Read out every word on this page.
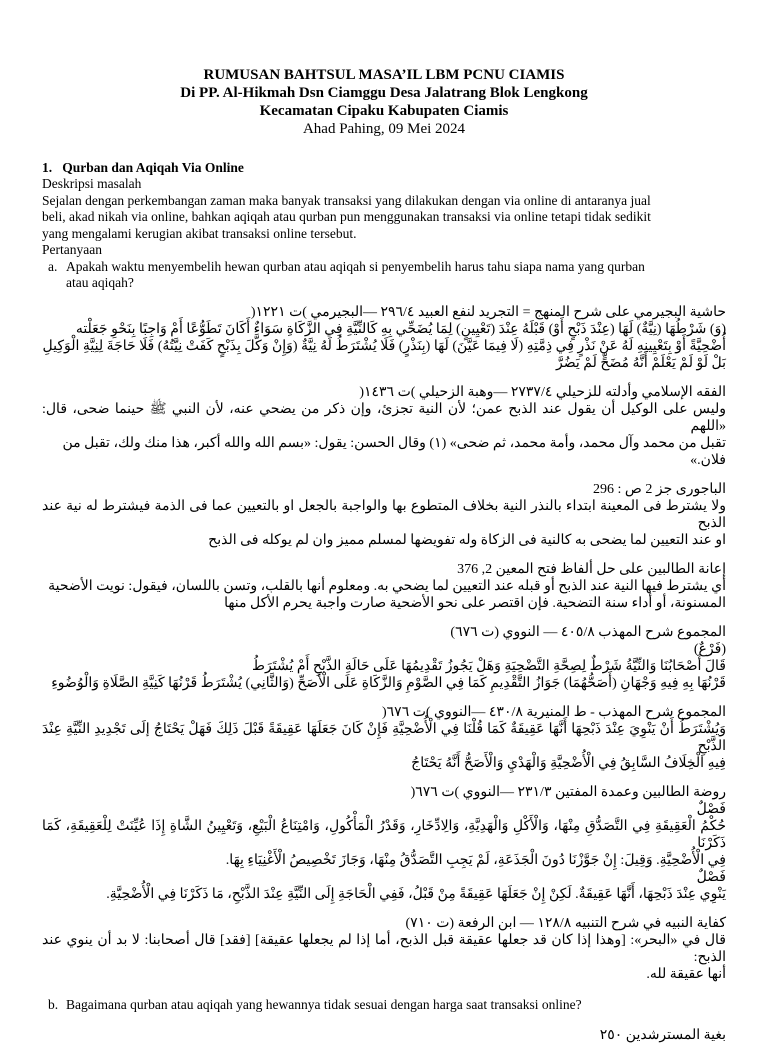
RUMUSAN BAHTSUL MASA’IL LBM PCNU CIAMIS
Di PP. Al-Hikmah Dsn Ciamggu Desa Jalatrang Blok Lengkong
Kecamatan Cipaku Kabupaten Ciamis
Ahad Pahing, 09 Mei 2024
1. Qurban dan Aqiqah Via Online
Deskripsi masalah
Sejalan dengan perkembangan zaman maka banyak transaksi yang dilakukan dengan via online di antaranya jual
beli, akad nikah via online, bahkan aqiqah atau qurban pun menggunakan transaksi via online tetapi tidak sedikit
yang mengalami kerugian akibat transaksi online tersebut.
Pertanyaan
a. Apakah waktu menyembelih hewan qurban atau aqiqah si penyembelih harus tahu siapa nama yang qurban
atau aqiqah?
حاشية البجيرمي على شرح المنهج = التجريد لنفع العبيد ٢٩٦/٤ —البجيرمي )ت ١٢٢١(
(وَ) شَرْطُهَا (نِيَّةٌ) لَهَا (عِنْدَ ذَبْحٍ أَوْ) قَبْلَهُ عِنْدَ (تَعْيِينٍ) لِمَا يُضَحِّي بِهِ كَالنِّيَّةِ فِي الزَّكَاةِ سَوَاءٌ أَكَانَ تَطَوُّعًا أَمْ وَاجِبًا بِنَحْوِ جَعَلْته
أُضْحِيَّةً أَوْ بِتَعْيِينِهِ لَهُ عَنْ نَذْرٍ فِي ذِمَّتِهِ (لَا فِيمَا عَيَّنَ) لَهَا (بِنَذْرٍ) فَلَا يُشْتَرَطُ لَهُ نِيَّةٌ (وَإِنْ وَكَّلَ بِذَبْحٍ كَفَتْ نِيَّتُهُ) فَلَا حَاجَةَ لِنِيَّةِ الْوَكِيلِ
بَلْ لَوْ لَمْ يَعْلَمْ أَنَّهُ مُضَحٍّ لَمْ يَضُرَّ
الفقه الإسلامي وأدلته للزحيلي ٢٧٣٧/٤ —وهبة الزحيلي )ت ١٤٣٦(
وليس على الوكيل أن يقول عند الذبح عمن؛ لأن النية تجزئ، وإن ذكر من يضحي عنه، لأن النبي ﷺ حينما ضحى، قال: «اللهم
تقبل من محمد وآل محمد، وأمة محمد، ثم ضحى» (١) وقال الحسن: يقول: «بسم الله والله أكبر، هذا منك ولك، تقبل من فلان.»
الباجورى جز 2 ص : 296
ولا يشترط فى المعينة ابتداء بالنذر النية بخلاف المتطوع بها والواجبة بالجعل او بالتعيين عما فى الذمة فيشترط له نية عند الذبح
او عند التعيين لما يضحى به كالنية فى الزكاة وله تفويضها لمسلم مميز وان لم يوكله فى الذبح
إعانة الطالبين على حل ألفاظ فتح المعين 2, 376
أي يشترط فيها النية عند الذبح أو قبله عند التعيين لما يضحي به. ومعلوم أنها بالقلب، وتسن باللسان، فيقول: نويت الأضحية
المسنونة، أو أداء سنة التضحية. فإن اقتصر على نحو الأضحية صارت واجبة يحرم الأكل منها
المجموع شرح المهذب ٤٠٥/٨ — النووي (ت ٦٧٦)
(فَرْعٌ)
قَالَ أَصْحَابُنَا وَالنِّيَّةُ شَرْطٌ لِصِحَّةِ التَّضْحِيَةِ وَهَلْ يَجُوزُ تَقْدِيمُهَا عَلَى حَالَةِ الذَّبْحِ أَمْ يُشْتَرَطُ
قَرْنُهَا بِهِ فِيهِ وَجْهَانِ (أَصَحُّهُمَا) جَوَازُ التَّقْدِيمِ كَمَا فِي الصَّوْمِ وَالزَّكَاةِ عَلَى الْأَصَحِّ (وَالثَّانِي) يُشْتَرَطُ قَرْنُهَا كَنِيَّةِ الصَّلَاةِ وَالْوُضُوءِ
المجموع شرح المهذب - ط المنيرية ٤٣٠/٨ —النووي )ت ٦٧٦(
وَيُشْتَرَطُ أَنْ يَنْوِيَ عِنْدَ ذَبْحِهَا أَنَّهَا عَقِيقَةٌ كَمَا قُلْنَا فِي الْأُضْحِيَّةِ فَإِنْ كَانَ جَعَلَهَا عَقِيقَةً قَبْلَ ذَلِكَ فَهَلْ يَحْتَاجُ إلَى تَجْدِيدِ النِّيَّةِ عِنْدَ الذَّبْحِ
فِيهِ الْخِلَافُ السَّابِقُ فِي الْأُضْحِيَّةِ وَالْهَدْيِ وَالْأَصَحُّ أَنَّهُ يَحْتَاجُ
روضة الطالبين وعمدة المفتين ٢٣١/٣ —النووي )ت ٦٧٦(
فَصْلٌ
حُكْمُ الْعَقِيقَةِ فِي التَّصَدُّقِ مِنْهَا، وَالْأَكْلِ وَالْهَدِيَّةِ، وَالِادِّخَارِ، وَقَدْرُ الْمَأْكُولِ، وَامْتِنَاعُ الْبَيْعِ، وَتَعْيِينُ الشَّاةِ إِذَا عُيِّنَتْ لِلْعَقِيقَةِ، كَمَا ذَكَرْنَا
فِي الْأُضْحِيَّةِ. وَقِيلَ: إِنْ جَوَّزْنَا دُونَ الْجَذَعَةِ، لَمْ يَجِبِ التَّصَدُّقُ مِنْهَا، وَجَازَ تَخْصِيصُ الْأَغْنِيَاءِ بِهَا.
فَصْلٌ
يَنْوِي عِنْدَ ذَبْحِهَا، أَنَّهَا عَقِيقَةٌ. لَكِنْ إِنْ جَعَلَهَا عَقِيقَةً مِنْ قَبْلُ، فَفِي الْحَاجَةِ إِلَى النِّيَّةِ عِنْدَ الذَّبْحِ، مَا ذَكَرْنَا فِي الْأُضْحِيَّةِ.
كفاية النبيه في شرح التنبيه ١٢٨/٨ — ابن الرفعة (ت ٧١٠)
قال في «البحر»: [وهذا إذا كان قد جعلها عقيقة قبل الذبح، أما إذا لم يجعلها عقيقة] [فقد] قال أصحابنا: لا بد أن ينوي عند الذبح:
أنها عقيقة لله.
b. Bagaimana qurban atau aqiqah yang hewannya tidak sesuai dengan harga saat transaksi online?
بغية المسترشدين ٢٥٠
